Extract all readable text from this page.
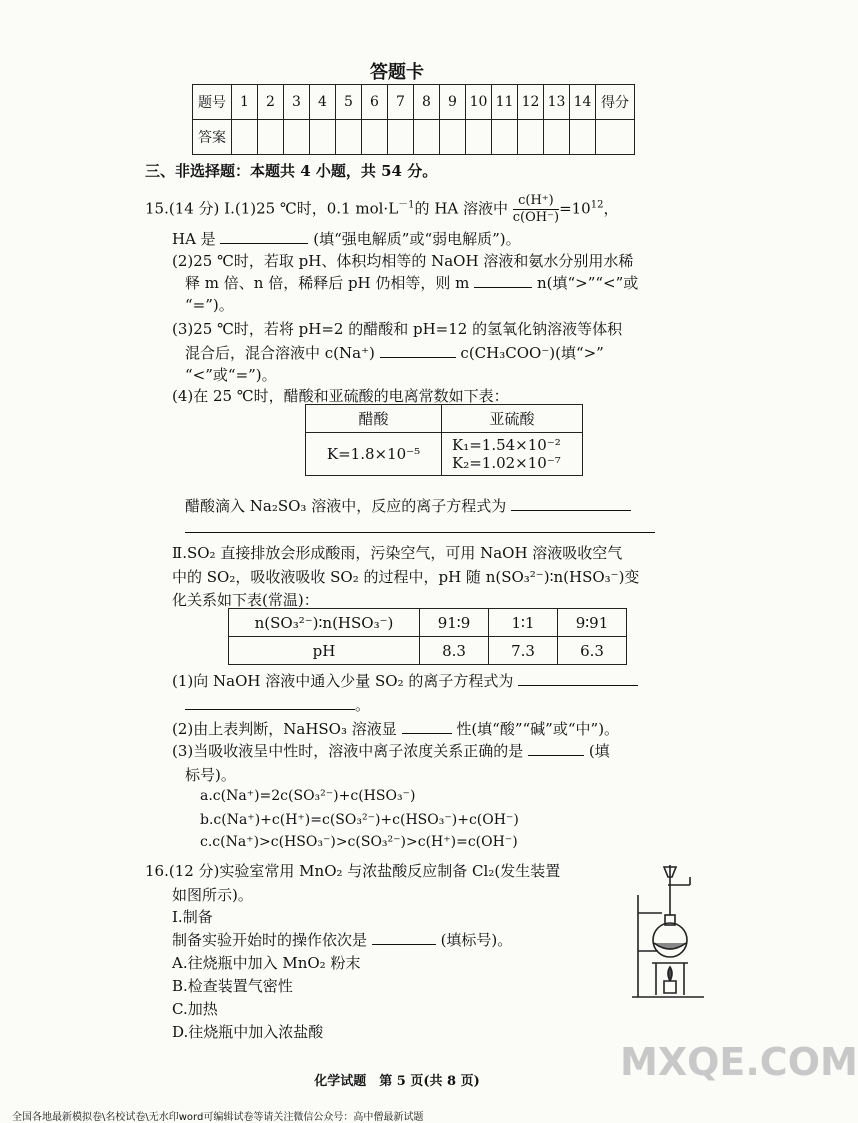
答题卡
题号	1	2	3	4	5	6	7	8	9	10	11	12	13	14	得分
答案															
三、非选择题：本题共 4 小题，共 54 分。
15.(14 分) Ⅰ.(1)25 ℃时，0.1 $mol\cdot L^{-1}$的 HA 溶液中 $\frac{c(H^+)}{c(OH^-)} =10^{12}$，
HA 是	(填“强电解质”或“弱电解质”)。
(2)25 ℃时，若取 pH、体积均相等的 NaOH 溶液和氨水分别用水稀
释 m 倍、n 倍，稀释后 pH 仍相等，则 m	n(填“>”“<”或
“=”)。
(3)25 ℃时，若将 pH=2 的醋酸和 pH=12 的氢氧化钠溶液等体积
混合后，混合溶液中 c(Na⁺)	c(CH₃COO⁻)(填“>”
“<”或“=”)。
(4)在 25 ℃时，醋酸和亚硫酸的电离常数如下表：
醋酸	亚硫酸
K=1.8×10⁻⁵	K₁=1.54×10⁻²
K₂=1.02×10⁻⁷
醋酸滴入 Na₂SO₃ 溶液中，反应的离子方程式为
Ⅱ.SO₂ 直接排放会形成酸雨，污染空气，可用 NaOH 溶液吸收空气
中的 SO₂，吸收液吸收 SO₂ 的过程中，pH 随 n(SO₃²⁻)∶n(HSO₃⁻)变
化关系如下表(常温)：
n(SO₃²⁻)∶n(HSO₃⁻)	91∶9	1∶1	9∶91
pH	8.3	7.3	6.3
(1)向 NaOH 溶液中通入少量 SO₂ 的离子方程式为
。
(2)由上表判断，NaHSO₃ 溶液显	性(填“酸”“碱”或“中”)。
(3)当吸收液呈中性时，溶液中离子浓度关系正确的是	(填
标号)。
a.c(Na⁺)=2c(SO₃²⁻)+c(HSO₃⁻)
b.c(Na⁺)+c(H⁺)=c(SO₃²⁻)+c(HSO₃⁻)+c(OH⁻)
c.c(Na⁺)>c(HSO₃⁻)>c(SO₃²⁻)>c(H⁺)=c(OH⁻)
16.(12 分)实验室常用 MnO₂ 与浓盐酸反应制备 Cl₂(发生装置
如图所示)。
Ⅰ.制备
制备实验开始时的操作依次是	(填标号)。
A.往烧瓶中加入 MnO₂ 粉末
B.检查装置气密性
C.加热
D.往烧瓶中加入浓盐酸
化学试题　第 5 页(共 8 页)	MXQE.COM
全国各地最新模拟卷\名校试卷\无水印word可编辑试卷等请关注微信公众号：高中僧最新试题
